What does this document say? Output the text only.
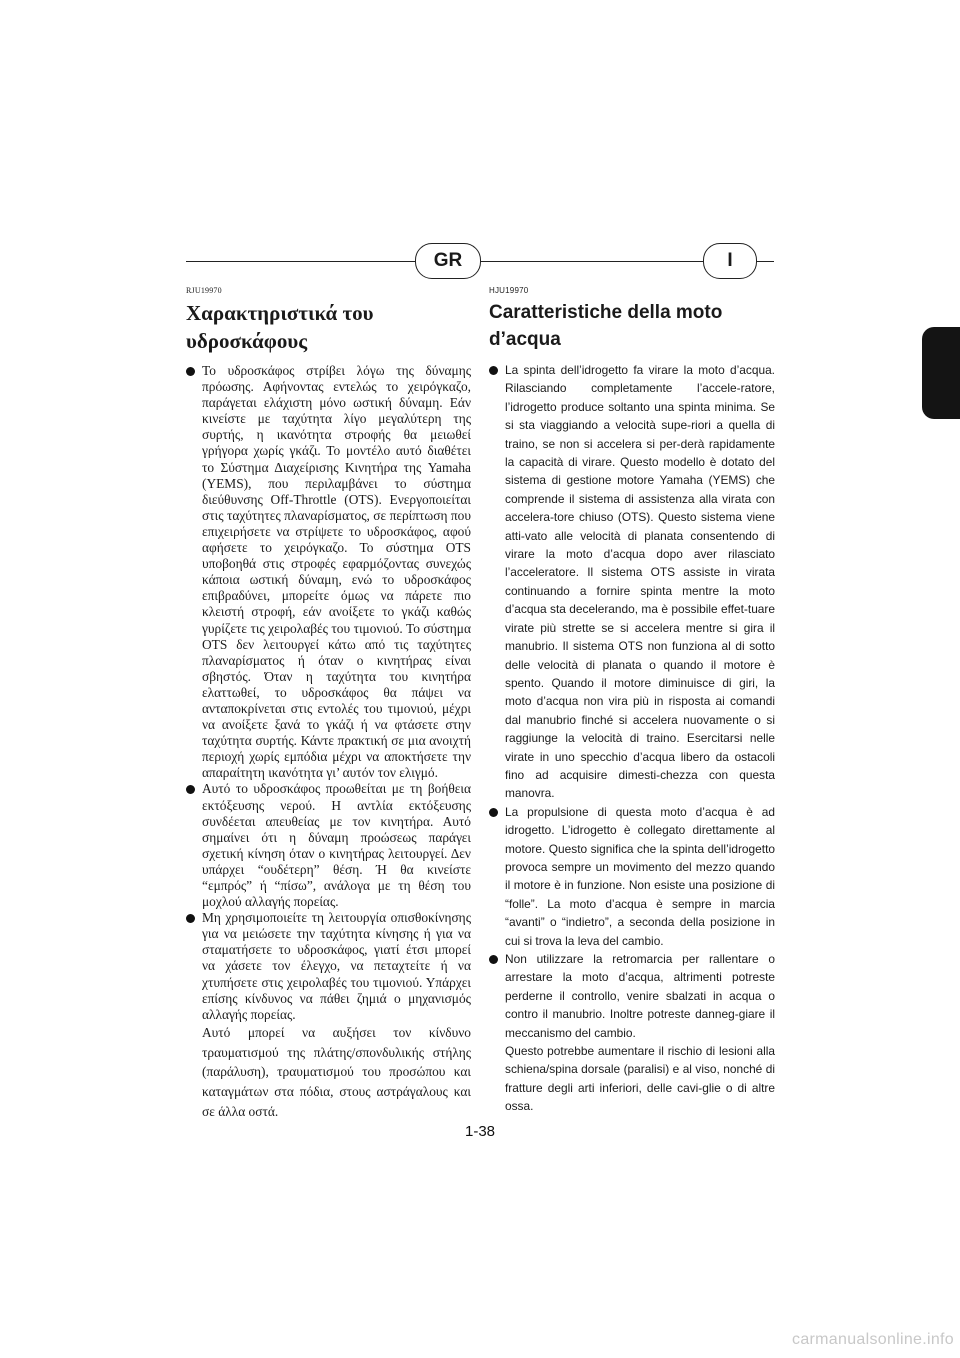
GR	I
RJU19970
Χαρακτηριστικά του
υδροσκάφους
Το υδροσκάφος στρίβει λόγω της δύναμης πρόωσης. Αφήνοντας εντελώς το χειρόγκαζο, παράγεται ελάχιστη μόνο ωστική δύναμη. Εάν κινείστε με ταχύτητα λίγο μεγαλύτερη της συρτής, η ικανότητα στροφής θα μειωθεί γρήγορα χωρίς γκάζι. Το μοντέλο αυτό διαθέτει το Σύστημα Διαχείρισης Κινητήρα της Yamaha (YEMS), που περιλαμβάνει το σύστημα διεύθυνσης Off-Throttle (OTS). Ενεργοποιείται στις ταχύτητες πλαναρίσματος, σε περίπτωση που επιχειρήσετε να στρίψετε το υδροσκάφος, αφού αφήσετε το χειρόγκαζο. Το σύστημα OTS υποβοηθά στις στροφές εφαρμόζοντας συνεχώς κάποια ωστική δύναμη, ενώ το υδροσκάφος επιβραδύνει, μπορείτε όμως να πάρετε πιο κλειστή στροφή, εάν ανοίξετε το γκάζι καθώς γυρίζετε τις χειρολαβές του τιμονιού. Το σύστημα OTS δεν λειτουργεί κάτω από τις ταχύτητες πλαναρίσματος ή όταν ο κινητήρας είναι σβηστός. Όταν η ταχύτητα του κινητήρα ελαττωθεί, το υδροσκάφος θα πάψει να ανταποκρίνεται στις εντολές του τιμονιού, μέχρι να ανοίξετε ξανά το γκάζι ή να φτάσετε στην ταχύτητα συρτής. Κάντε πρακτική σε μια ανοιχτή περιοχή χωρίς εμπόδια μέχρι να αποκτήσετε την απαραίτητη ικανότητα γι’ αυτόν τον ελιγμό.
Αυτό το υδροσκάφος προωθείται με τη βοήθεια εκτόξευσης νερού. Η αντλία εκτόξευσης συνδέεται απευθείας με τον κινητήρα. Αυτό σημαίνει ότι η δύναμη προώσεως παράγει σχετική κίνηση όταν ο κινητήρας λειτουργεί. Δεν υπάρχει “ουδέτερη” θέση. Ή θα κινείστε “εμπρός” ή “πίσω”, ανάλογα με τη θέση του μοχλού αλλαγής πορείας.
Μη χρησιμοποιείτε τη λειτουργία οπισθοκίνησης για να μειώσετε την ταχύτητα κίνησης ή για να σταματήσετε το υδροσκάφος, γιατί έτσι μπορεί να χάσετε τον έλεγχο, να πεταχτείτε ή να χτυπήσετε στις χειρολαβές του τιμονιού. Υπάρχει επίσης κίνδυνος να πάθει ζημιά ο μηχανισμός αλλαγής πορείας.
Αυτό μπορεί να αυξήσει τον κίνδυνο τραυματισμού της πλάτης/σπονδυλικής στήλης (παράλυση), τραυματισμού του προσώπου και καταγμάτων στα πόδια, στους αστράγαλους και σε άλλα οστά.
HJU19970
Caratteristiche della moto
d’acqua
La spinta dell’idrogetto fa virare la moto d’acqua. Rilasciando completamente l’accele-ratore, l’idrogetto produce soltanto una spinta minima. Se si sta viaggiando a velocità supe-riori a quella di traino, se non si accelera si per-derà rapidamente la capacità di virare. Questo modello è dotato del sistema di gestione motore Yamaha (YEMS) che comprende il sistema di assistenza alla virata con accelera-tore chiuso (OTS). Questo sistema viene atti-vato alle velocità di planata consentendo di virare la moto d’acqua dopo aver rilasciato l’acceleratore. Il sistema OTS assiste in virata continuando a fornire spinta mentre la moto d’acqua sta decelerando, ma è possibile effet-tuare virate più strette se si accelera mentre si gira il manubrio. Il sistema OTS non funziona al di sotto delle velocità di planata o quando il motore è spento. Quando il motore diminuisce di giri, la moto d’acqua non vira più in risposta ai comandi dal manubrio finché si accelera nuovamente o si raggiunge la velocità di traino. Esercitarsi nelle virate in uno specchio d’acqua libero da ostacoli fino ad acquisire dimesti-chezza con questa manovra.
La propulsione di questa moto d’acqua è ad idrogetto. L’idrogetto è collegato direttamente al motore. Questo significa che la spinta dell’idrogetto provoca sempre un movimento del mezzo quando il motore è in funzione. Non esiste una posizione di “folle”. La moto d’acqua è sempre in marcia “avanti” o “indietro”, a seconda della posizione in cui si trova la leva del cambio.
Non utilizzare la retromarcia per rallentare o arrestare la moto d’acqua, altrimenti potreste perderne il controllo, venire sbalzati in acqua o contro il manubrio. Inoltre potreste danneg-giare il meccanismo del cambio.
Questo potrebbe aumentare il rischio di lesioni alla schiena/spina dorsale (paralisi) e al viso, nonché di fratture degli arti inferiori, delle cavi-glie o di altre ossa.
1-38
carmanualsonline.info
